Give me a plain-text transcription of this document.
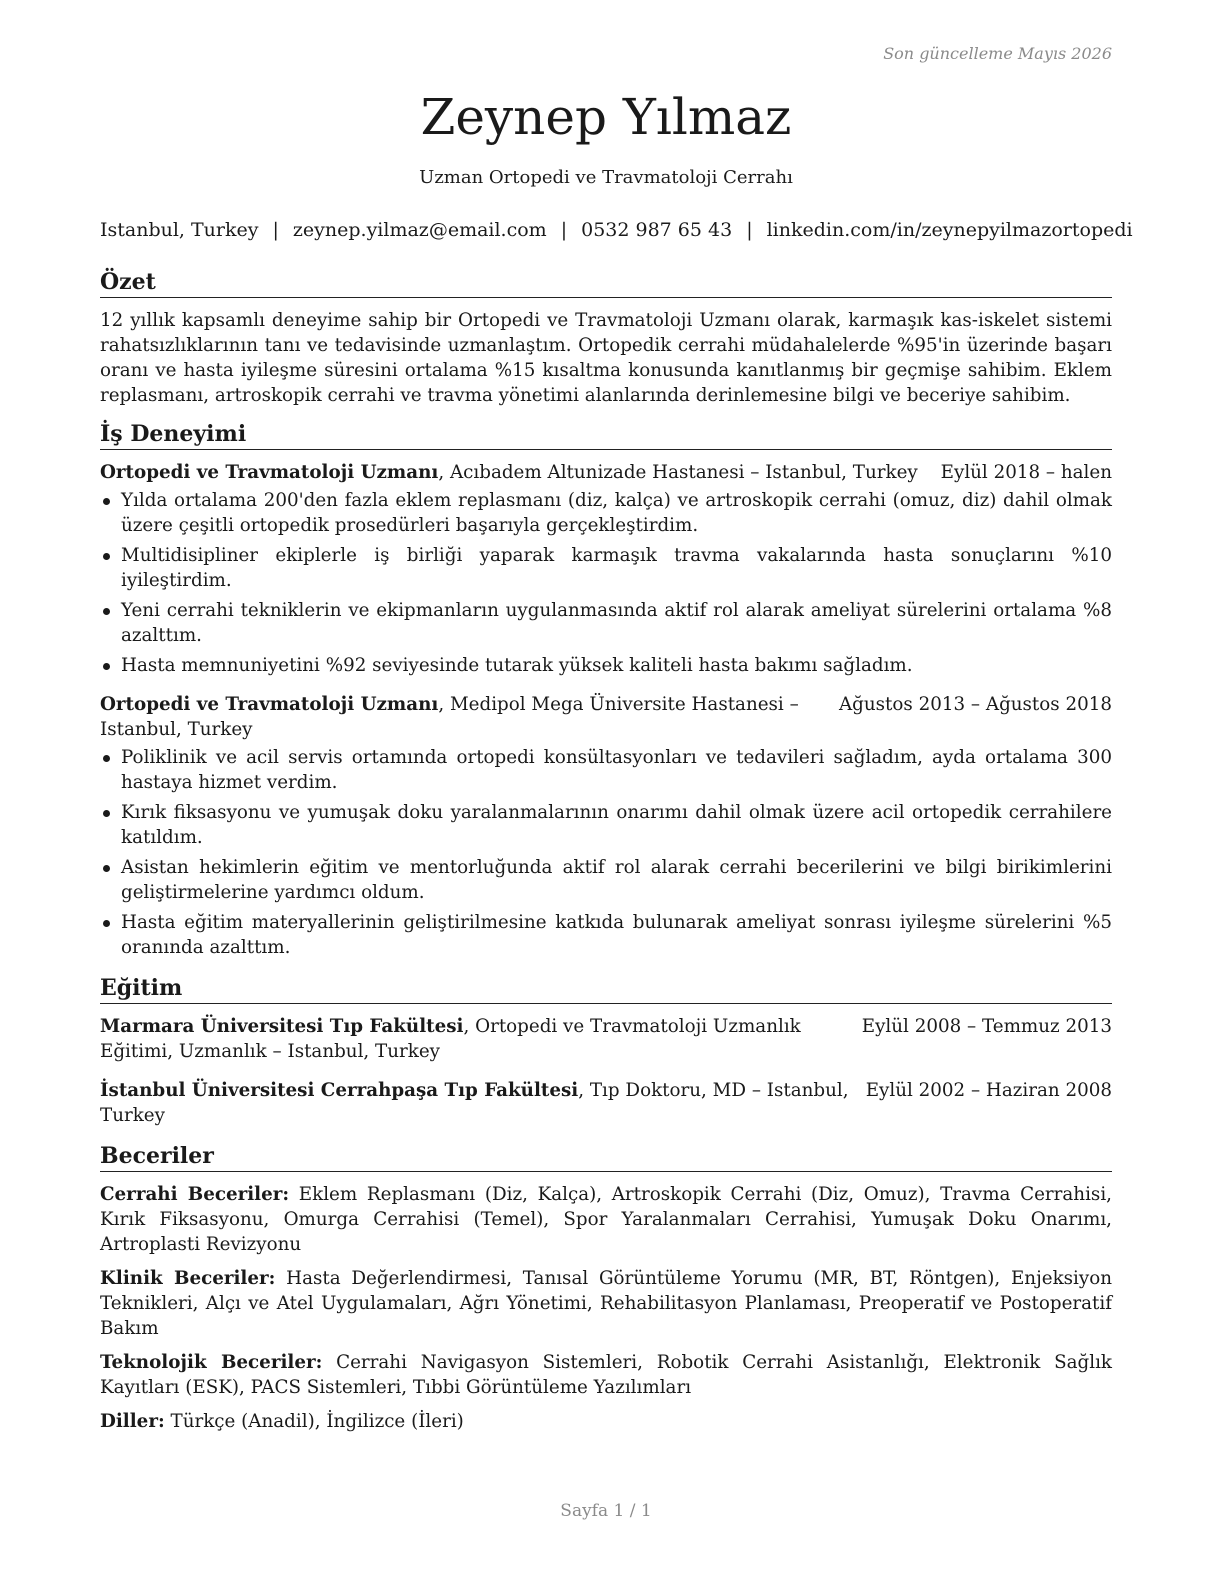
Son güncelleme Mayıs 2026
Zeynep Yılmaz
Uzman Ortopedi ve Travmatoloji Cerrahı
Istanbul, Turkey | zeynep.yilmaz@email.com | 0532 987 65 43 | linkedin.com/in/zeynepyilmazortopedi
Özet

12 yıllık kapsamlı deneyime sahip bir Ortopedi ve Travmatoloji Uzmanı olarak, karmaşık kas-iskelet sistemi rahatsızlıklarının tanı ve tedavisinde uzmanlaştım. Ortopedik cerrahi müdahalelerde %95'in üzerinde başarı oranı ve hasta iyileşme süresini ortalama %15 kısaltma konusunda kanıtlanmış bir geçmişe sahibim. Eklem replasmanı, artroskopik cerrahi ve travma yönetimi alanlarında derinlemesine bilgi ve beceriye sahibim.

İş Deneyimi
Ortopedi ve Travmatoloji Uzmanı, Acıbadem Altunizade Hastanesi – Istanbul, Turkey	Eylül 2018 – halen
Yılda ortalama 200'den fazla eklem replasmanı (diz, kalça) ve artroskopik cerrahi (omuz, diz) dahil olmak üzere çeşitli ortopedik prosedürleri başarıyla gerçekleştirdim.
Multidisipliner ekiplerle iş birliği yaparak karmaşık travma vakalarında hasta sonuçlarını %10 iyileştirdim.
Yeni cerrahi tekniklerin ve ekipmanların uygulanmasında aktif rol alarak ameliyat sürelerini ortalama %8 azalttım.
Hasta memnuniyetini %92 seviyesinde tutarak yüksek kaliteli hasta bakımı sağladım.
Ortopedi ve Travmatoloji Uzmanı, Medipol Mega Üniversite Hastanesi – Istanbul, Turkey
Ağustos 2013 – Ağustos 2018
Poliklinik ve acil servis ortamında ortopedi konsültasyonları ve tedavileri sağladım, ayda ortalama 300 hastaya hizmet verdim.
Kırık fiksasyonu ve yumuşak doku yaralanmalarının onarımı dahil olmak üzere acil ortopedik cerrahilere katıldım.
Asistan hekimlerin eğitim ve mentorluğunda aktif rol alarak cerrahi becerilerini ve bilgi birikimlerini geliştirmelerine yardımcı oldum.
Hasta eğitim materyallerinin geliştirilmesine katkıda bulunarak ameliyat sonrası iyileşme sürelerini %5 oranında azalttım.
Eğitim
Marmara Üniversitesi Tıp Fakültesi, Ortopedi ve Travmatoloji Uzmanlık Eğitimi, Uzmanlık – Istanbul, Turkey
Eylül 2008 – Temmuz 2013
İstanbul Üniversitesi Cerrahpaşa Tıp Fakültesi, Tıp Doktoru, MD – Istanbul, Turkey
Eylül 2002 – Haziran 2008
Beceriler

Cerrahi Beceriler: Eklem Replasmanı (Diz, Kalça), Artroskopik Cerrahi (Diz, Omuz), Travma Cerrahisi, Kırık Fiksasyonu, Omurga Cerrahisi (Temel), Spor Yaralanmaları Cerrahisi, Yumuşak Doku Onarımı, Artroplasti Revizyonu

Klinik Beceriler: Hasta Değerlendirmesi, Tanısal Görüntüleme Yorumu (MR, BT, Röntgen), Enjeksiyon Teknikleri, Alçı ve Atel Uygulamaları, Ağrı Yönetimi, Rehabilitasyon Planlaması, Preoperatif ve Postoperatif Bakım

Teknolojik Beceriler: Cerrahi Navigasyon Sistemleri, Robotik Cerrahi Asistanlığı, Elektronik Sağlık Kayıtları (ESK), PACS Sistemleri, Tıbbi Görüntüleme Yazılımları

Diller: Türkçe (Anadil), İngilizce (İleri)

Sayfa 1 / 1
